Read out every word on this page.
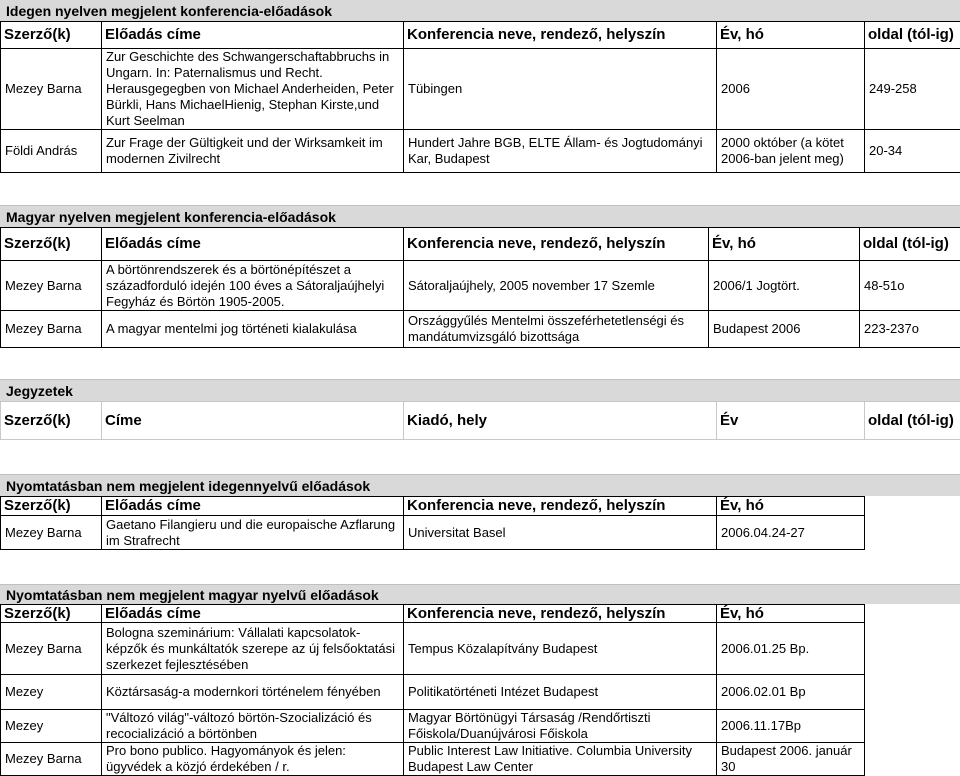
Idegen nyelven megjelent konferencia-előadások
Szerző(k)	Előadás címe	Konferencia neve, rendező, helyszín	Év, hó	oldal (tól-ig)
Mezey Barna	Zur Geschichte des Schwangerschaftabbruchs in Ungarn. In: Paternalismus und Recht. Herausgegegben von Michael Anderheiden, Peter Bürkli, Hans MichaelHienig, Stephan Kirste,und Kurt Seelman	Tübingen	2006	249-258
Földi András	Zur Frage der Gültigkeit und der Wirksamkeit im modernen Zivilrecht	Hundert Jahre BGB, ELTE Állam- és Jogtudományi Kar, Budapest	2000 október (a kötet 2006-ban jelent meg)	20-34
Magyar nyelven megjelent konferencia-előadások
Szerző(k)	Előadás címe	Konferencia neve, rendező, helyszín	Év, hó	oldal (tól-ig)
Mezey Barna	A börtönrendszerek és a börtönépítészet a századforduló idején 100 éves a Sátoraljaújhelyi Fegyház és Börtön 1905-2005.	Sátoraljaújhely, 2005 november 17 Szemle	2006/1 Jogtört.	48-51o
Mezey Barna	A magyar mentelmi jog történeti kialakulása	Országgyűlés Mentelmi összeférhetetlenségi és mandátumvizsgáló bizottsága	Budapest 2006	223-237o
Jegyzetek
Szerző(k)	Címe	Kiadó, hely	Év	oldal (tól-ig)
Nyomtatásban nem megjelent idegennyelvű előadások
Szerző(k)	Előadás címe	Konferencia neve, rendező, helyszín	Év, hó
Mezey Barna	Gaetano Filangieru und die europaische Azflarung im Strafrecht	Universitat Basel	2006.04.24-27
Nyomtatásban nem megjelent magyar nyelvű előadások
Szerző(k)	Előadás címe	Konferencia neve, rendező, helyszín	Év, hó
Mezey Barna	Bologna szeminárium: Vállalati kapcsolatok-képzők és munkáltatók szerepe az új felsőoktatási szerkezet fejlesztésében	Tempus Közalapítvány Budapest	2006.01.25 Bp.
Mezey	Köztársaság-a modernkori történelem fényében	Politikatörténeti Intézet Budapest	2006.02.01 Bp
Mezey	"Változó világ"-változó börtön-Szocializáció és recocializáció a börtönben	Magyar Börtönügyi Társaság /Rendőrtiszti Főiskola/Duanújvárosi Főiskola	2006.11.17Bp
Mezey Barna	Pro bono publico. Hagyományok és jelen: ügyvédek a közjó érdekében / r.	Public Interest Law Initiative. Columbia University Budapest Law Center	Budapest 2006. január 30
